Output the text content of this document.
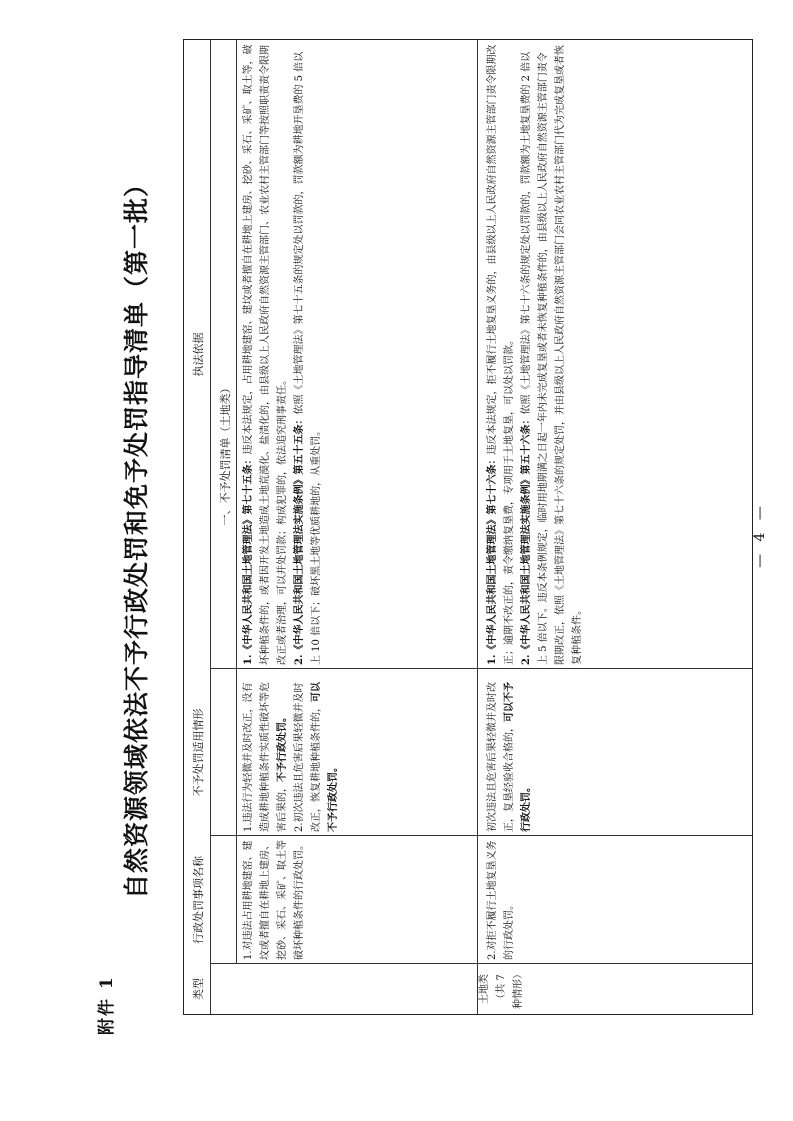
附件 1
自然资源领域依法不予行政处罚和免予处罚指导清单（第一批）
类型
行政处罚事项名称
不予处罚适用情形
执法依据
一、不予处罚清单（土地类）
土地类（共 7 种情形）
1.对违法占用耕地建窑、建坟或者擅自在耕地上建房、挖砂、采石、采矿、取土等破坏种植条件的行政处罚。
1.违法行为轻微并及时改正，没有造成耕地种植条件实质性破坏等危害后果的，不予行政处罚。 2.初次违法且危害后果轻微并及时改正，恢复耕地种植条件的，可以不予行政处罚。
1.《中华人民共和国土地管理法》第七十五条：违反本法规定，占用耕地建窑、建坟或者擅自在耕地上建房、挖砂、采石、采矿、取土等，破坏种植条件的，或者因开发土地造成土地荒漠化、盐渍化的，由县级以上人民政府自然资源主管部门、农业农村主管部门等按照职责责令限期改正或者治理，可以并处罚款；构成犯罪的，依法追究刑事责任。 2.《中华人民共和国土地管理法实施条例》第五十五条：依照《土地管理法》第七十五条的规定处以罚款的，罚款额为耕地开垦费的 5 倍以上 10 倍以下；破坏黑土地等优质耕地的，从重处罚。
2.对拒不履行土地复垦义务的行政处罚。
初次违法且危害后果轻微并及时改正，复垦经验收合格的，可以不予行政处罚。
1.《中华人民共和国土地管理法》第七十六条：违反本法规定，拒不履行土地复垦义务的，由县级以上人民政府自然资源主管部门责令限期改正；逾期不改正的，责令缴纳复垦费，专项用于土地复垦，可以处以罚款。 2.《中华人民共和国土地管理法实施条例》第五十六条：依照《土地管理法》第七十六条的规定处以罚款的，罚款额为土地复垦费的 2 倍以上 5 倍以下。违反本条例规定，临时用地期满之日起一年内未完成复垦或者未恢复种植条件的，由县级以上人民政府自然资源主管部门责令限期改正，依照《土地管理法》第七十六条的规定处罚，并由县级以上人民政府自然资源主管部门会同农业农村主管部门代为完成复垦或者恢复种植条件。
— 4 —
